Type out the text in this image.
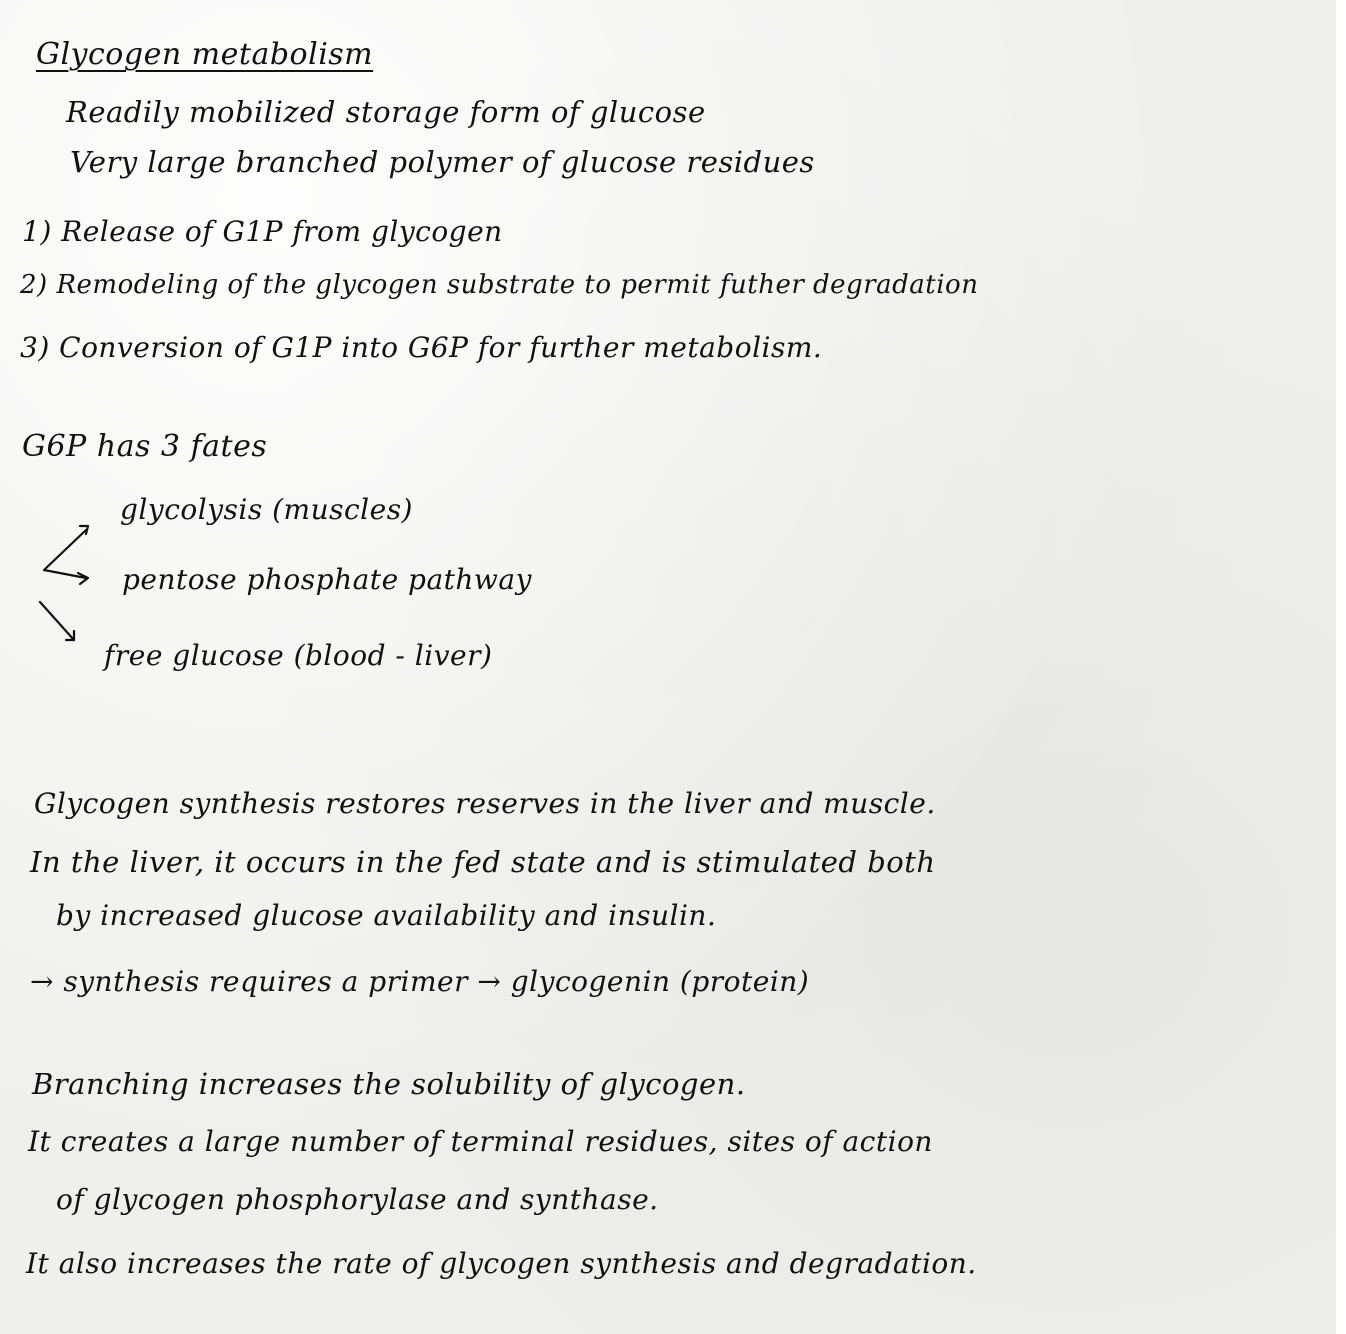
Glycogen metabolism
Readily mobilized storage form of glucose
Very large branched polymer of glucose residues
1) Release of G1P from glycogen
2) Remodeling of the glycogen substrate to permit futher degradation
3) Conversion of G1P into G6P for further metabolism.
G6P has 3 fates
glycolysis (muscles)
pentose phosphate pathway
free glucose (blood - liver)
Glycogen synthesis restores reserves in the liver and muscle.
In the liver, it occurs in the fed state and is stimulated both
by increased glucose availability and insulin.
→ synthesis requires a primer → glycogenin (protein)
Branching increases the solubility of glycogen.
It creates a large number of terminal residues, sites of action
of glycogen phosphorylase and synthase.
It also increases the rate of glycogen synthesis and degradation.
